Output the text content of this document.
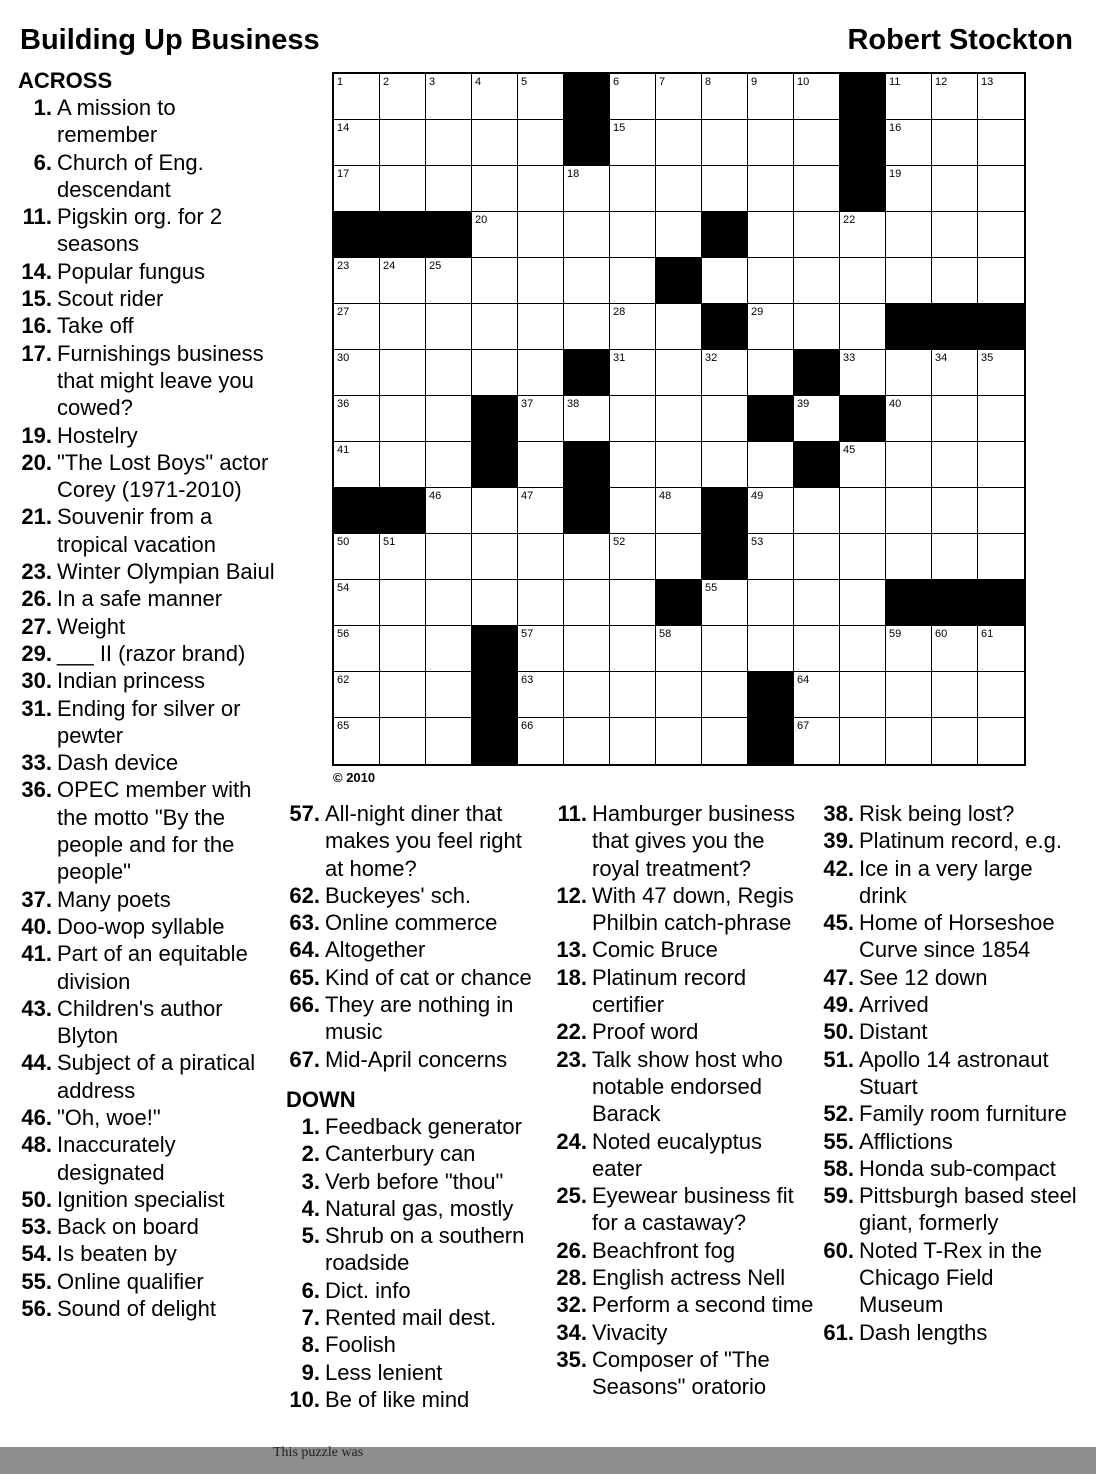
Building Up Business	Robert Stockton
1	2	3	4	5	6	7	8	9	10	11	12	13
14	15	16
17	18	19
20	22
23	24	25
27	28	29
30	31	32	33	34	35
36	37	38	39	40
41	45
46	47	48	49
50	51	52	53
54	55
56	57	58	59	60	61
62	63	64
65	66	67
© 2010
ACROSS
1. A mission to remember
6. Church of Eng. descendant
11. Pigskin org. for 2 seasons
14. Popular fungus
15. Scout rider
16. Take off
17. Furnishings business that might leave you cowed?
19. Hostelry
20. "The Lost Boys" actor Corey (1971-2010)
21. Souvenir from a tropical vacation
23. Winter Olympian Baiul
26. In a safe manner
27. Weight
29. ___ II (razor brand)
30. Indian princess
31. Ending for silver or pewter
33. Dash device
36. OPEC member with the motto "By the people and for the people"
37. Many poets
40. Doo-wop syllable
41. Part of an equitable division
43. Children's author Blyton
44. Subject of a piratical address
46. "Oh, woe!"
48. Inaccurately designated
50. Ignition specialist
53. Back on board
54. Is beaten by
55. Online qualifier
56. Sound of delight
57. All-night diner that makes you feel right at home?
62. Buckeyes' sch.
63. Online commerce
64. Altogether
65. Kind of cat or chance
66. They are nothing in music
67. Mid-April concerns
DOWN
1. Feedback generator
2. Canterbury can
3. Verb before "thou"
4. Natural gas, mostly
5. Shrub on a southern roadside
6. Dict. info
7. Rented mail dest.
8. Foolish
9. Less lenient
10. Be of like mind
11. Hamburger business that gives you the royal treatment?
12. With 47 down, Regis Philbin catch-phrase
13. Comic Bruce
18. Platinum record certifier
22. Proof word
23. Talk show host who notable endorsed Barack
24. Noted eucalyptus eater
25. Eyewear business fit for a castaway?
26. Beachfront fog
28. English actress Nell
32. Perform a second time
34. Vivacity
35. Composer of "The Seasons" oratorio
38. Risk being lost?
39. Platinum record, e.g.
42. Ice in a very large drink
45. Home of Horseshoe Curve since 1854
47. See 12 down
49. Arrived
50. Distant
51. Apollo 14 astronaut Stuart
52. Family room furniture
55. Afflictions
58. Honda sub-compact
59. Pittsburgh based steel giant, formerly
60. Noted T-Rex in the Chicago Field Museum
61. Dash lengths
This puzzle was
